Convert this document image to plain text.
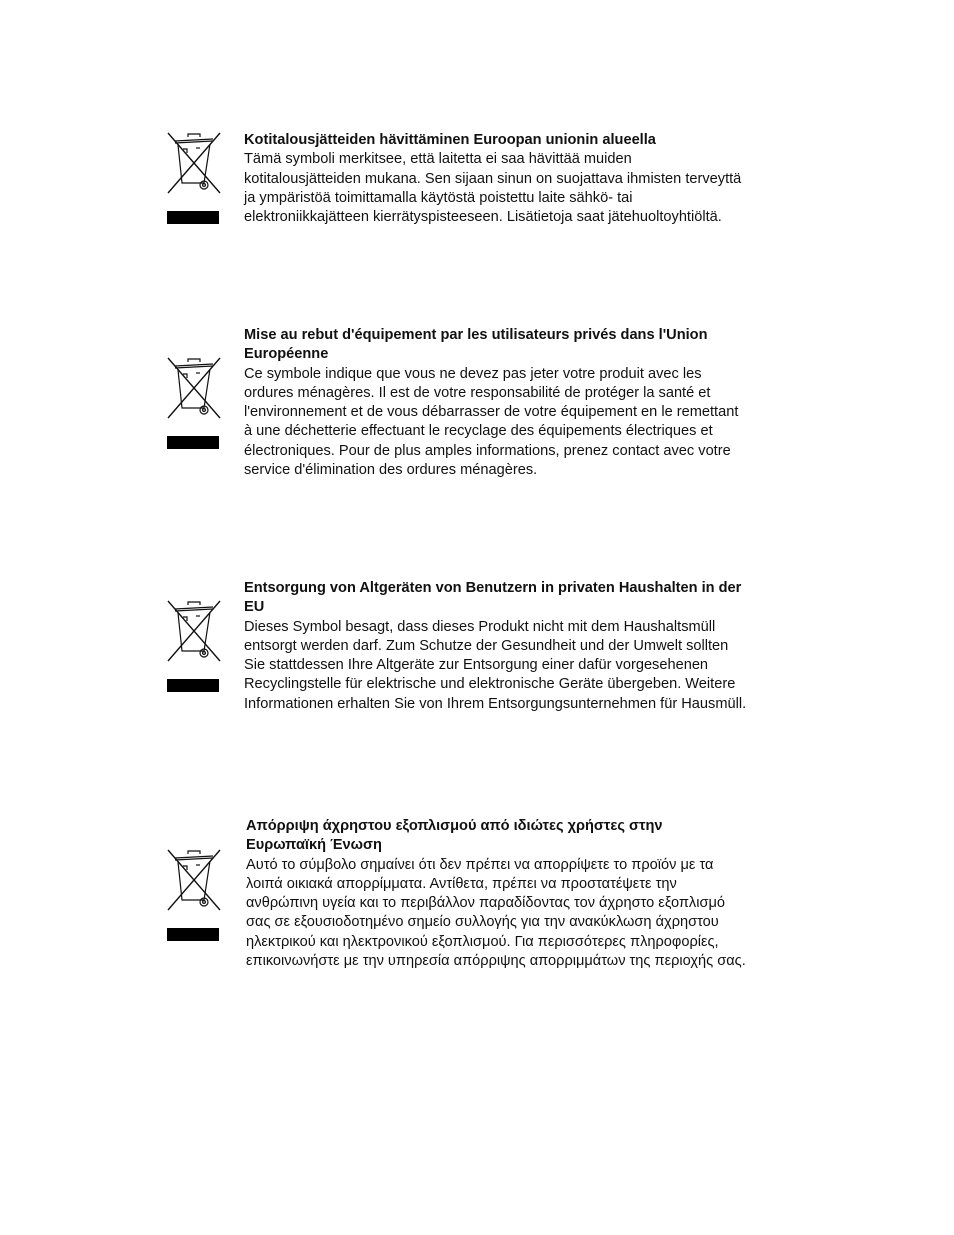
Kotitalousjätteiden hävittäminen Euroopan unionin alueella

Tämä symboli merkitsee, että laitetta ei saa hävittää muiden
kotitalousjätteiden mukana. Sen sijaan sinun on suojattava ihmisten terveyttä
ja ympäristöä toimittamalla käytöstä poistettu laite sähkö- tai
elektroniikkajätteen kierrätyspisteeseen. Lisätietoja saat jätehuoltoyhtiöltä.

Mise au rebut d'équipement par les utilisateurs privés dans l'Union
Européenne

Ce symbole indique que vous ne devez pas jeter votre produit avec les
ordures ménagères. Il est de votre responsabilité de protéger la santé et
l'environnement et de vous débarrasser de votre équipement en le remettant
à une déchetterie effectuant le recyclage des équipements électriques et
électroniques. Pour de plus amples informations, prenez contact avec votre
service d'élimination des ordures ménagères.

Entsorgung von Altgeräten von Benutzern in privaten Haushalten in der
EU

Dieses Symbol besagt, dass dieses Produkt nicht mit dem Haushaltsmüll
entsorgt werden darf. Zum Schutze der Gesundheit und der Umwelt sollten
Sie stattdessen Ihre Altgeräte zur Entsorgung einer dafür vorgesehenen
Recyclingstelle für elektrische und elektronische Geräte übergeben. Weitere
Informationen erhalten Sie von Ihrem Entsorgungsunternehmen für Hausmüll.

Απόρριψη άχρηστου εξοπλισμού από ιδιώτες χρήστες στην
Ευρωπαϊκή Ένωση

Αυτό το σύμβολο σημαίνει ότι δεν πρέπει να απορρίψετε το προϊόν με τα
λοιπά οικιακά απορρίμματα. Αντίθετα, πρέπει να προστατέψετε την
ανθρώπινη υγεία και το περιβάλλον παραδίδοντας τον άχρηστο εξοπλισμό
σας σε εξουσιοδοτημένο σημείο συλλογής για την ανακύκλωση άχρηστου
ηλεκτρικού και ηλεκτρονικού εξοπλισμού. Για περισσότερες πληροφορίες,
επικοινωνήστε με την υπηρεσία απόρριψης απορριμμάτων της περιοχής σας.
